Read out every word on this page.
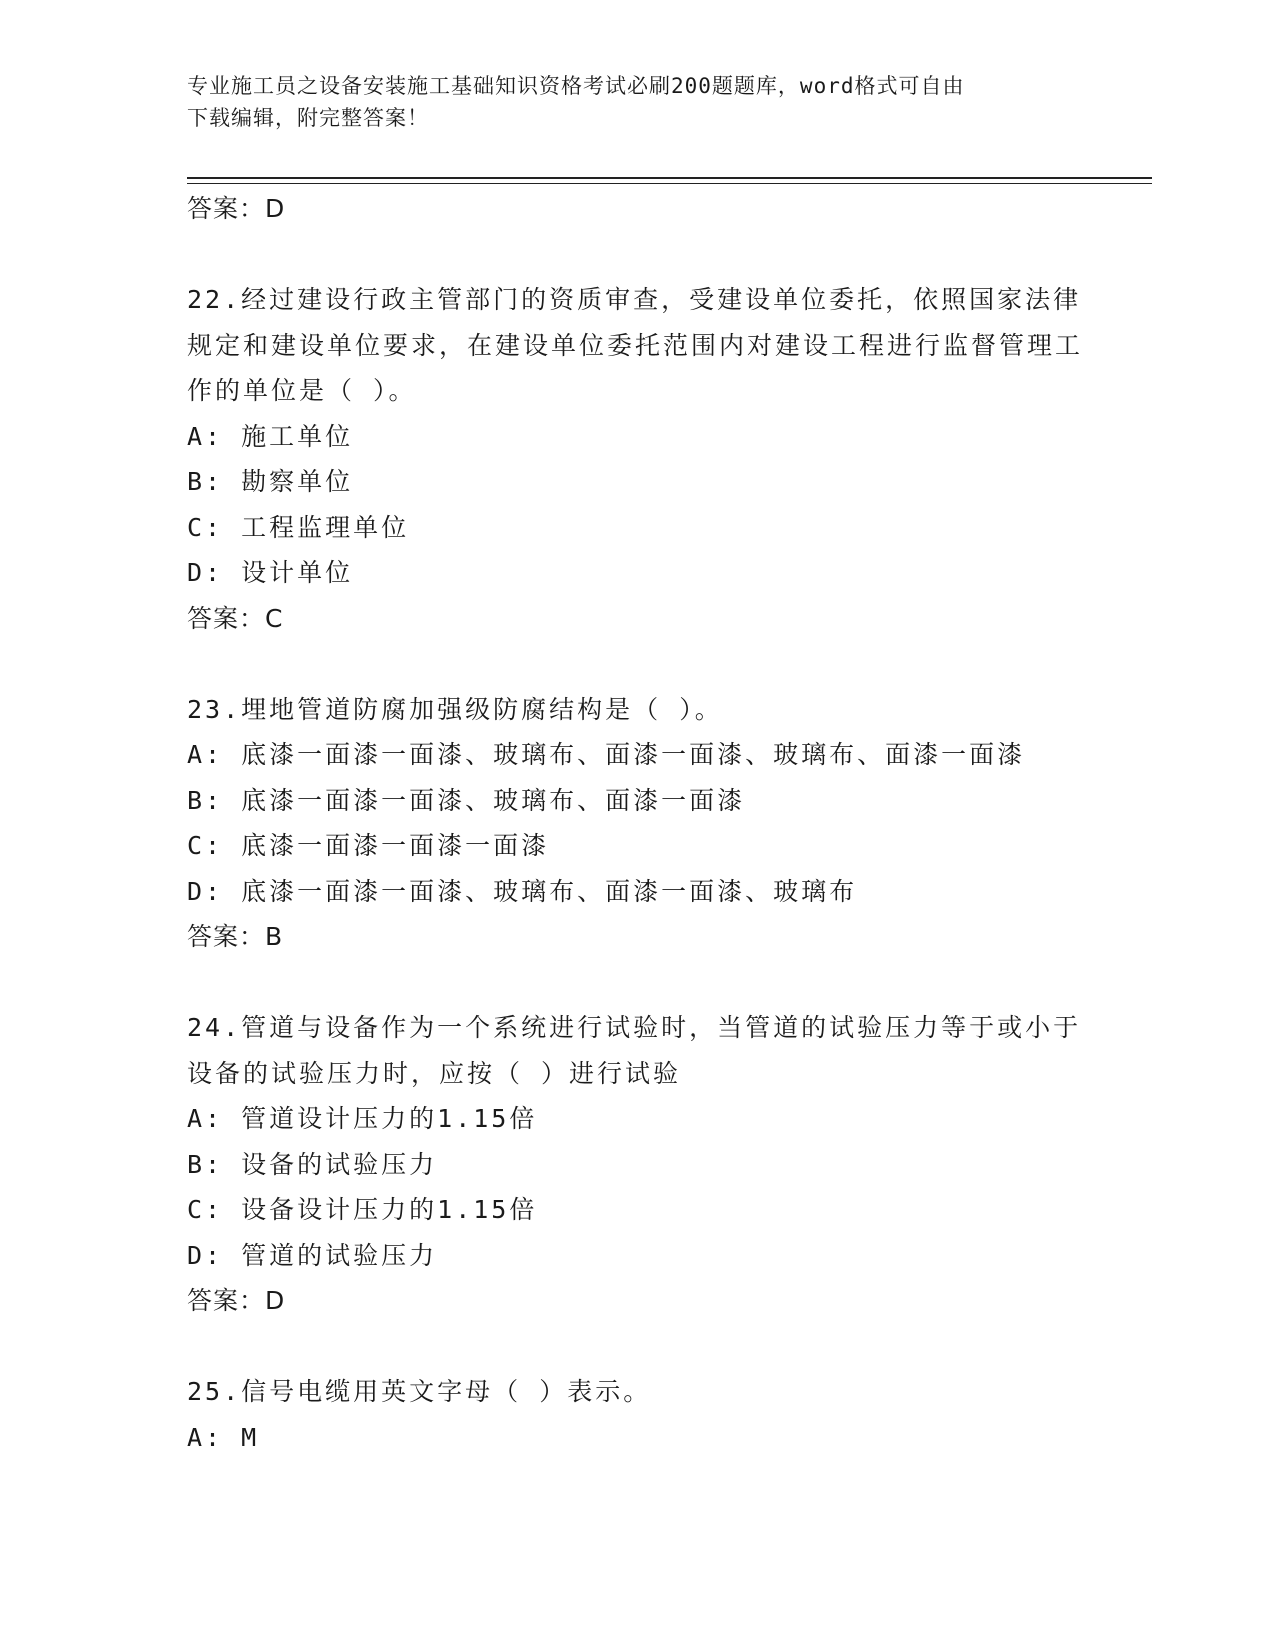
专业施工员之设备安装施工基础知识资格考试必刷200题题库，word格式可自由
下载编辑，附完整答案！
答案：D
22.经过建设行政主管部门的资质审查，受建设单位委托，依照国家法律规定和建设单位要求，在建设单位委托范围内对建设工程进行监督管理工作的单位是（ ）。
A: 施工单位
B: 勘察单位
C: 工程监理单位
D: 设计单位
答案：C
23.埋地管道防腐加强级防腐结构是（ ）。
A: 底漆一面漆一面漆、玻璃布、面漆一面漆、玻璃布、面漆一面漆
B: 底漆一面漆一面漆、玻璃布、面漆一面漆
C: 底漆一面漆一面漆一面漆
D: 底漆一面漆一面漆、玻璃布、面漆一面漆、玻璃布
答案：B
24.管道与设备作为一个系统进行试验时，当管道的试验压力等于或小于设备的试验压力时，应按（ ）进行试验
A: 管道设计压力的1.15倍
B: 设备的试验压力
C: 设备设计压力的1.15倍
D: 管道的试验压力
答案：D
25.信号电缆用英文字母（ ）表示。
A: M
